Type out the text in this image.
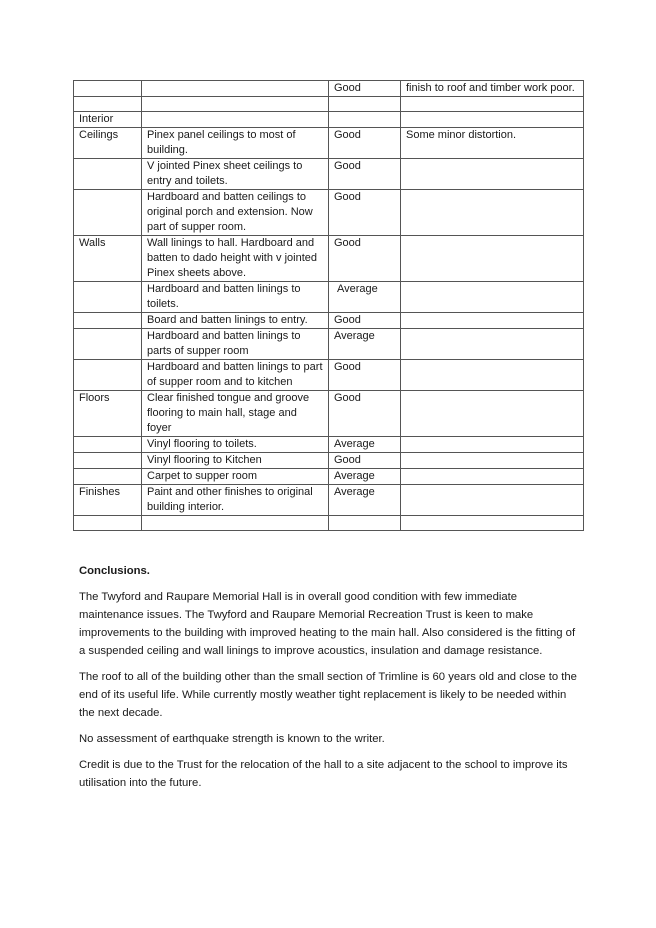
		Good	finish to roof and timber work poor.

Interior			
Ceilings	Pinex panel ceilings to most of building.	Good	Some minor distortion.
	V jointed Pinex sheet ceilings to entry and toilets.	Good	
	Hardboard and batten ceilings to original porch and extension. Now part of supper room.	Good	
Walls	Wall linings to hall. Hardboard and batten to dado height with v jointed Pinex sheets above.	Good	
	Hardboard and batten linings to toilets.	Average	
	Board and batten linings to entry.	Good	
	Hardboard and batten linings to parts of supper room	Average	
	Hardboard and batten linings to part of supper room and to kitchen	Good	
Floors	Clear finished tongue and groove flooring to main hall, stage and foyer	Good	
	Vinyl flooring to toilets.	Average	
	Vinyl flooring to Kitchen	Good	
	Carpet to supper room	Average	
Finishes	Paint and other finishes to original building interior.	Average	

Conclusions.

The Twyford and Raupare Memorial Hall is in overall good condition with few immediate maintenance issues. The Twyford and Raupare Memorial Recreation Trust is keen to make improvements to the building with improved heating to the main hall. Also considered is the fitting of a suspended ceiling and wall linings to improve acoustics, insulation and damage resistance.

The roof to all of the building other than the small section of Trimline is 60 years old and close to the end of its useful life. While currently mostly weather tight replacement is likely to be needed within the next decade.

No assessment of earthquake strength is known to the writer.

Credit is due to the Trust for the relocation of the hall to a site adjacent to the school to improve its utilisation into the future.
